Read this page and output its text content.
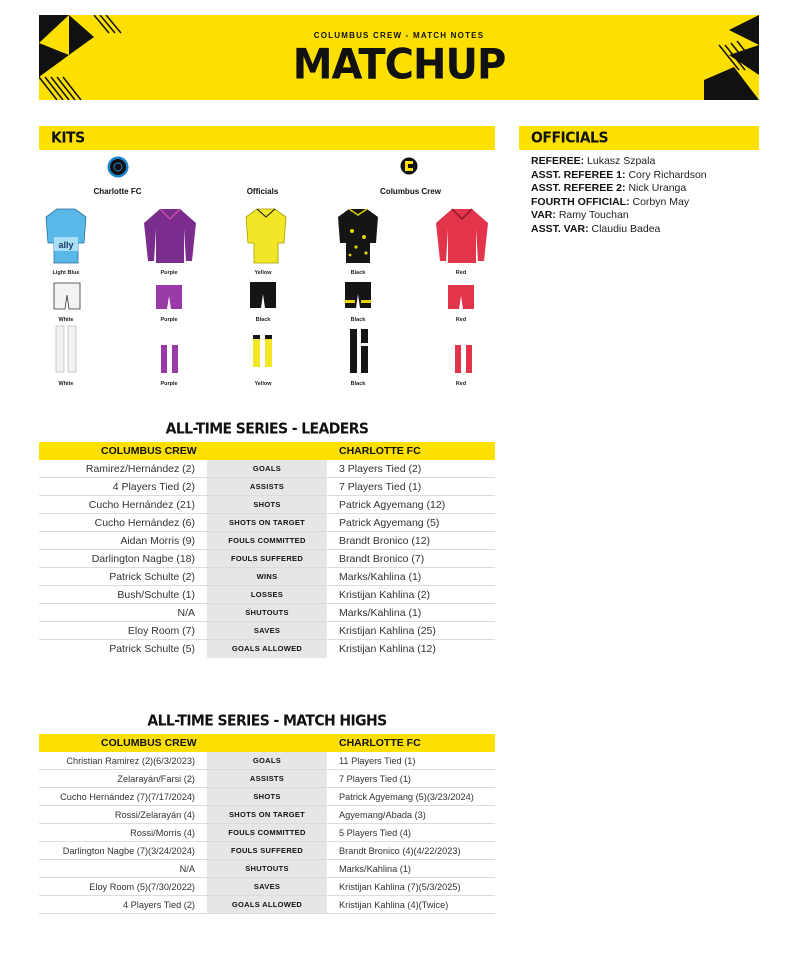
COLUMBUS CREW - MATCH NOTES
MATCHUP
KITS
Charlotte FC	Officials	Columbus Crew
ally
Light Blue	Purple	Yellow	Black	Red
White	Purple	Black	Black	Red
White	Purple	Yellow	Black	Red
OFFICIALS
REFEREE: Lukasz Szpala
ASST. REFEREE 1: Cory Richardson
ASST. REFEREE 2: Nick Uranga
FOURTH OFFICIAL: Corbyn May
VAR: Ramy Touchan
ASST. VAR: Claudiu Badea
ALL-TIME SERIES - LEADERS
COLUMBUS CREW	CHARLOTTE FC
Ramirez/Hernández (2)	GOALS	3 Players Tied (2)
4 Players Tied (2)	ASSISTS	7 Players Tied (1)
Cucho Hernández (21)	SHOTS	Patrick Agyemang (12)
Cucho Hernández (6)	SHOTS ON TARGET	Patrick Agyemang (5)
Aidan Morris (9)	FOULS COMMITTED	Brandt Bronico (12)
Darlington Nagbe (18)	FOULS SUFFERED	Brandt Bronico (7)
Patrick Schulte (2)	WINS	Marks/Kahlina (1)
Bush/Schulte (1)	LOSSES	Kristijan Kahlina (2)
N/A	SHUTOUTS	Marks/Kahlina (1)
Eloy Room (7)	SAVES	Kristijan Kahlina (25)
Patrick Schulte (5)	GOALS ALLOWED	Kristijan Kahlina (12)
ALL-TIME SERIES - MATCH HIGHS
COLUMBUS CREW	CHARLOTTE FC
Christian Ramirez (2)(6/3/2023)	GOALS	11 Players Tied (1)
Zelarayán/Farsi (2)	ASSISTS	7 Players Tied (1)
Cucho Hernández (7)(7/17/2024)	SHOTS	Patrick Agyemang (5)(3/23/2024)
Rossi/Zelarayán (4)	SHOTS ON TARGET	Agyemang/Abada (3)
Rossi/Morris (4)	FOULS COMMITTED	5 Players Tied (4)
Darlington Nagbe (7)(3/24/2024)	FOULS SUFFERED	Brandt Bronico (4)(4/22/2023)
N/A	SHUTOUTS	Marks/Kahlina (1)
Eloy Room (5)(7/30/2022)	SAVES	Kristijan Kahlina (7)(5/3/2025)
4 Players Tied (2)	GOALS ALLOWED	Kristijan Kahlina (4)(Twice)
